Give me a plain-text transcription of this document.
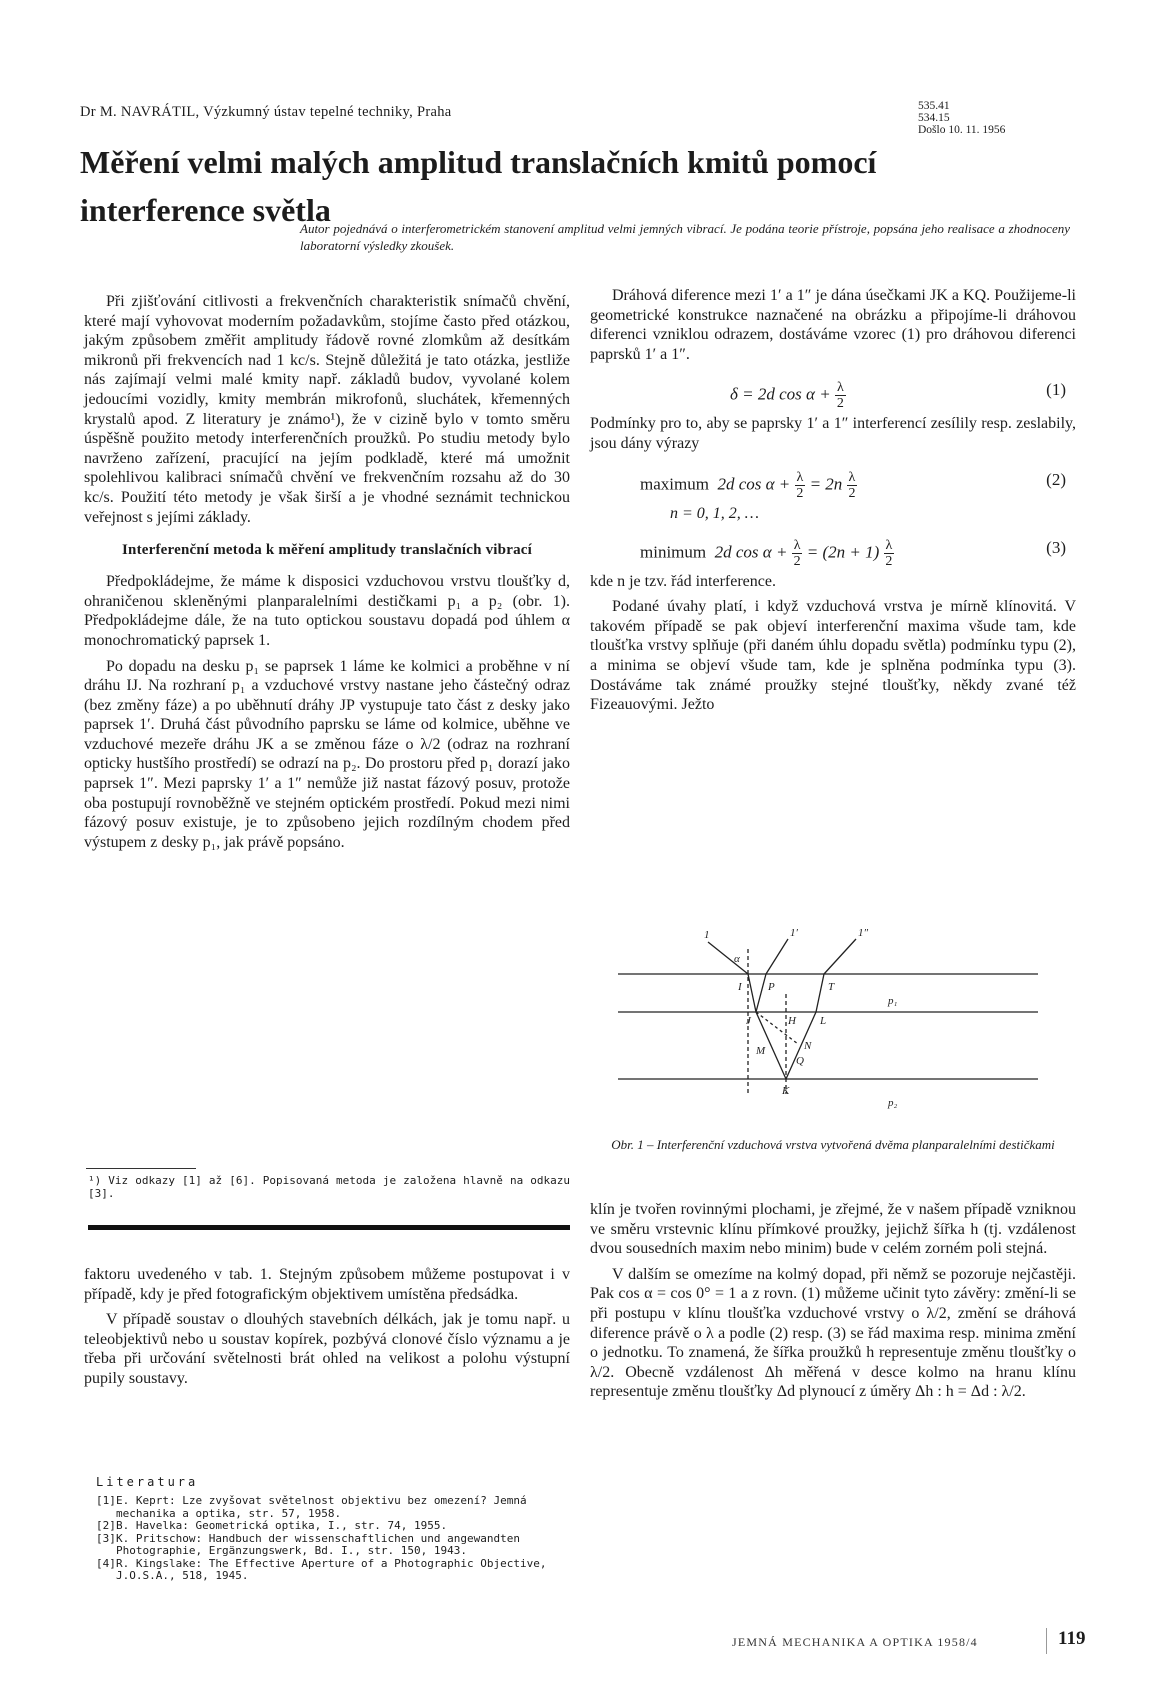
Dr M. NAVRÁTIL, Výzkumný ústav tepelné techniky, Praha	535.41
534.15
Došlo 10. 11. 1956
Měření velmi malých amplitud translačních kmitů pomocí interference světla
Autor pojednává o interferometrickém stanovení amplitud velmi jemných vibrací. Je podána teorie přístroje, popsána jeho realisace a zhodnoceny laboratorní výsledky zkoušek.

Při zjišťování citlivosti a frekvenčních charakteristik snímačů chvění, které mají vyhovovat moderním požadavkům, stojíme často před otázkou, jakým způsobem změřit amplitudy řádově rovné zlomkům až desítkám mikronů při frekvencích nad 1 kc/s. Stejně důležitá je tato otázka, jestliže nás zajímají velmi malé kmity např. základů budov, vyvolané kolem jedoucími vozidly, kmity membrán mikrofonů, sluchátek, křemenných krystalů apod. Z literatury je známo¹), že v cizině bylo v tomto směru úspěšně použito metody interferenčních proužků. Po studiu metody bylo navrženo zařízení, pracující na jejím podkladě, které má umožnit spolehlivou kalibraci snímačů chvění ve frekvenčním rozsahu až do 30 kc/s. Použití této metody je však širší a je vhodné seznámit technickou veřejnost s jejími základy.

Interferenční metoda k měření amplitudy translačních vibrací

Předpokládejme, že máme k disposici vzduchovou vrstvu tloušťky d, ohraničenou skleněnými planparalelními destičkami p₁ a p₂ (obr. 1). Předpokládejme dále, že na tuto optickou soustavu dopadá pod úhlem α monochromatický paprsek 1.

Po dopadu na desku p₁ se paprsek 1 láme ke kolmici a proběhne v ní dráhu IJ. Na rozhraní p₁ a vzduchové vrstvy nastane jeho částečný odraz (bez změny fáze) a po uběhnutí dráhy JP vystupuje tato část z desky jako paprsek 1′. Druhá část původního paprsku se láme od kolmice, uběhne ve vzduchové mezeře dráhu JK a se změnou fáze o λ/2 (odraz na rozhraní opticky hustšího prostředí) se odrazí na p₂. Do prostoru před p₁ dorazí jako paprsek 1″. Mezi paprsky 1′ a 1″ nemůže již nastat fázový posuv, protože oba postupují rovnoběžně ve stejném optickém prostředí. Pokud mezi nimi fázový posuv existuje, je to způsobeno jejich rozdílným chodem před výstupem z desky p₁, jak právě popsáno.

¹) Viz odkazy [1] až [6]. Popisovaná metoda je založena hlavně na odkazu [3].

faktoru uvedeného v tab. 1. Stejným způsobem můžeme postupovat i v případě, kdy je před fotografickým objektivem umístěna předsádka.

V případě soustav o dlouhých stavebních délkách, jak je tomu např. u teleobjektivů nebo u soustav kopírek, pozbývá clonové číslo významu a je třeba při určování světelnosti brát ohled na velikost a polohu výstupní pupily soustavy.

Literatura
[1] E. Keprt: Lze zvyšovat světelnost objektivu bez omezení? Jemná mechanika a optika, str. 57, 1958.
[2] B. Havelka: Geometrická optika, I., str. 74, 1955.
[3] K. Pritschow: Handbuch der wissenschaftlichen und angewandten Photographie, Ergänzungswerk, Bd. I., str. 150, 1943.
[4] R. Kingslake: The Effective Aperture of a Photographic Objective, J.O.S.A., 518, 1945.

Dráhová diference mezi 1′ a 1″ je dána úsečkami JK a KQ. Použijeme-li geometrické konstrukce naznačené na obrázku a připojíme-li dráhovou diferenci vzniklou odrazem, dostáváme vzorec (1) pro dráhovou diferenci paprsků 1′ a 1″.

δ = 2d $\cos \alpha + \frac{\lambda}{2}$	(1)

Podmínky pro to, aby se paprsky 1′ a 1″ interferencí zesílily resp. zeslabily, jsou dány výrazy

maximum 2d $\cos \alpha + \frac{\lambda}{2} = 2n \frac{\lambda}{2}$	(2)
n = 0, 1, 2, …
minimum 2d $\cos \alpha + \frac{\lambda}{2} = (2n + 1) \frac{\lambda}{2}$	(3)

kde n je tzv. řád interference.

Podané úvahy platí, i když vzduchová vrstva je mírně klínovitá. V takovém případě se pak objeví interferenční maxima všude tam, kde tloušťka vrstvy splňuje (při daném úhlu dopadu světla) podmínku typu (2), a minima se objeví všude tam, kde je splněna podmínka typu (3). Dostáváme tak známé proužky stejné tloušťky, někdy zvané též Fizeauovými. Ježto

1	1′	1″
α
I P	T
J	H L
M	N
Q
K
p₁
p₂
Obr. 1 – Interferenční vzduchová vrstva vytvořená dvěma planparalelními destičkami

klín je tvořen rovinnými plochami, je zřejmé, že v našem případě vzniknou ve směru vrstevnic klínu přímkové proužky, jejichž šířka h (tj. vzdálenost dvou sousedních maxim nebo minim) bude v celém zorném poli stejná.

V dalším se omezíme na kolmý dopad, při němž se pozoruje nejčastěji. Pak cos α = cos 0° = 1 a z rovn. (1) můžeme učinit tyto závěry: změní-li se při postupu v klínu tloušťka vzduchové vrstvy o λ/2, změní se dráhová diference právě o λ a podle (2) resp. (3) se řád maxima resp. minima změní o jednotku. To znamená, že šířka proužků h representuje změnu tloušťky o λ/2. Obecně vzdálenost Δh měřená v desce kolmo na hranu klínu representuje změnu tloušťky Δd plynoucí z úměry Δh : h = Δd : λ/2.

JEMNÁ MECHANIKA A OPTIKA 1958/4	119
